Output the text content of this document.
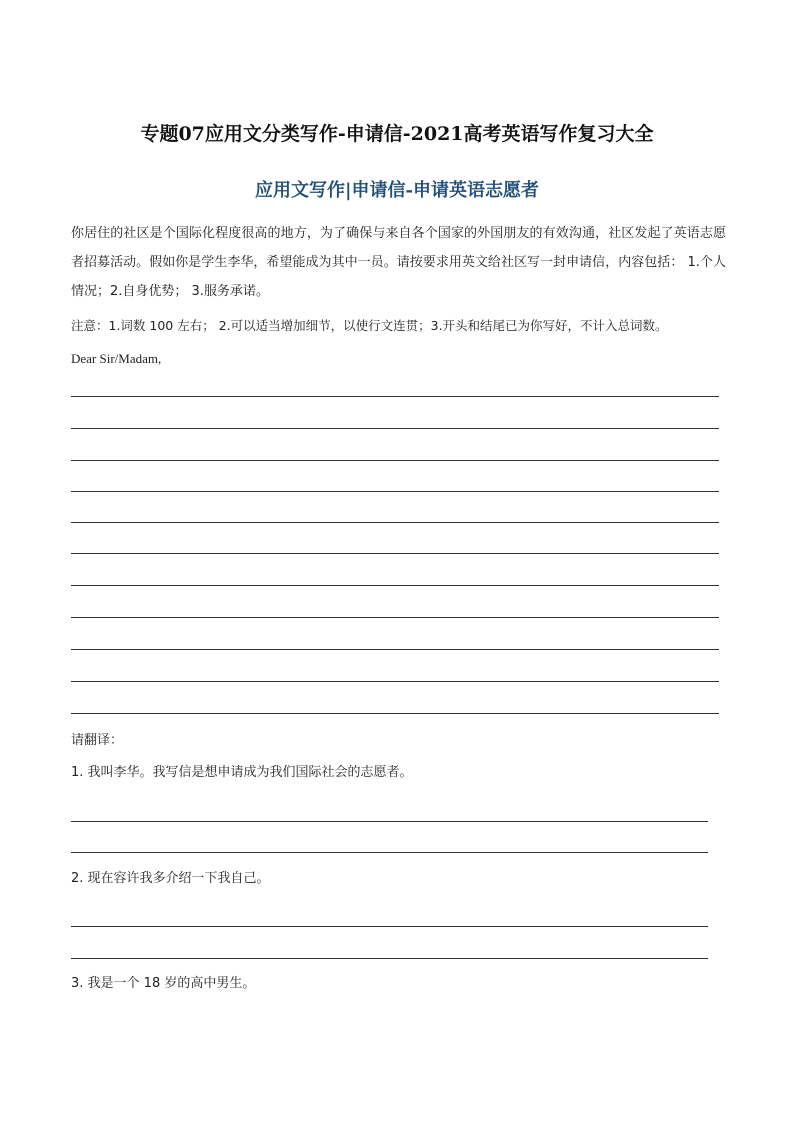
专题07应用文分类写作-申请信-2021高考英语写作复习大全
应用文写作|申请信-申请英语志愿者
你居住的社区是个国际化程度很高的地方，为了确保与来自各个国家的外国朋友的有效沟通，社区发起了英语志愿者招募活动。假如你是学生李华，希望能成为其中一员。请按要求用英文给社区写一封申请信，内容包括： 1.个人情况；2.自身优势； 3.服务承诺。
注意：1.词数 100 左右； 2.可以适当增加细节，以使行文连贯；3.开头和结尾已为你写好，不计入总词数。
Dear Sir/Madam,
请翻译：
1. 我叫李华。我写信是想申请成为我们国际社会的志愿者。
2. 现在容许我多介绍一下我自己。
3. 我是一个 18 岁的高中男生。
